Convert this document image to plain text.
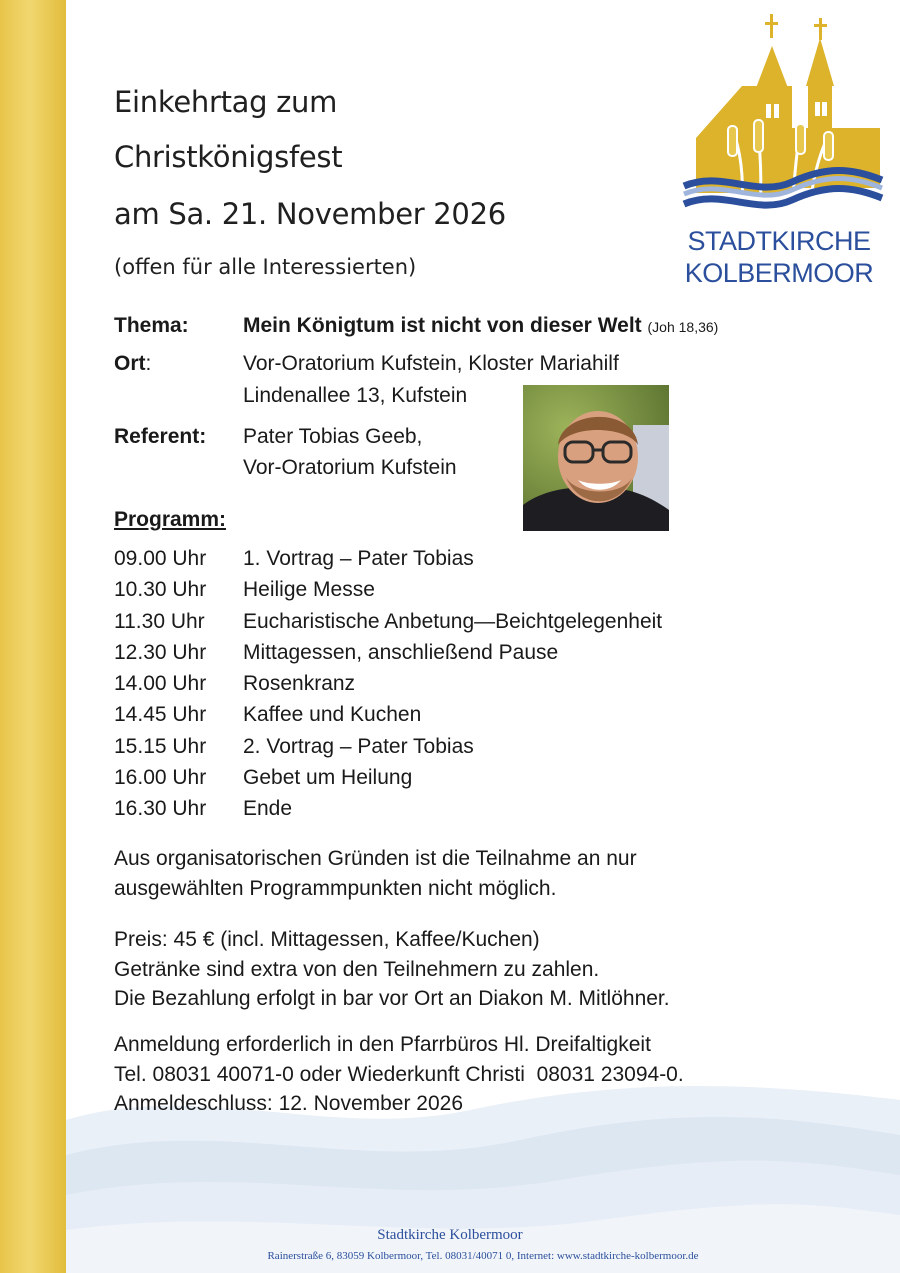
Einkehrtag zum
Christkönigsfest
am Sa. 21. November 2026
(offen für alle Interessierten)
STADTKIRCHE
KOLBERMOOR
Thema:	Mein Königtum ist nicht von dieser Welt (Joh 18,36)
Ort:	Vor-Oratorium Kufstein, Kloster Mariahilf
Lindenallee 13, Kufstein
Referent: Pater Tobias Geeb,
Vor-Oratorium Kufstein
Programm:
09.00 Uhr 1. Vortrag – Pater Tobias
10.30 Uhr Heilige Messe
11.30 Uhr Eucharistische Anbetung—Beichtgelegenheit
12.30 Uhr Mittagessen, anschließend Pause
14.00 Uhr Rosenkranz
14.45 Uhr Kaffee und Kuchen
15.15 Uhr 2. Vortrag – Pater Tobias
16.00 Uhr Gebet um Heilung
16.30 Uhr Ende
Aus organisatorischen Gründen ist die Teilnahme an nur
ausgewählten Programmpunkten nicht möglich.
Preis: 45 € (incl. Mittagessen, Kaffee/Kuchen)
Getränke sind extra von den Teilnehmern zu zahlen.
Die Bezahlung erfolgt in bar vor Ort an Diakon M. Mitlöhner.
Anmeldung erforderlich in den Pfarrbüros Hl. Dreifaltigkeit
Tel. 08031 40071-0 oder Wiederkunft Christi  08031 23094-0.
Anmeldeschluss: 12. November 2026
Stadtkirche Kolbermoor
Rainerstraße 6, 83059 Kolbermoor, Tel. 08031/40071 0, Internet: www.stadtkirche-kolbermoor.de
